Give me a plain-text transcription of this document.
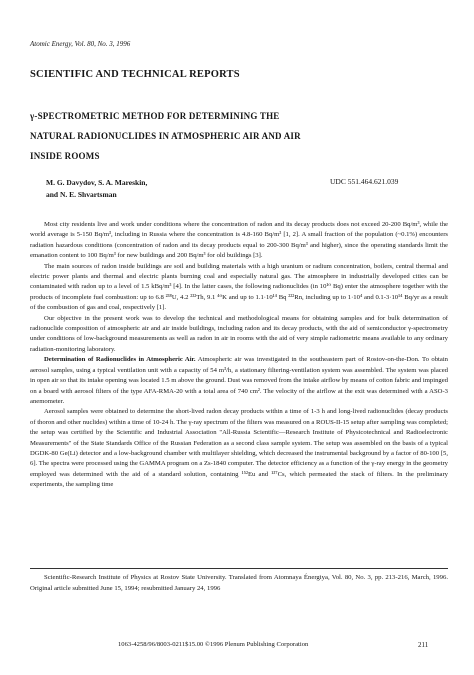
Atomic Energy, Vol. 80, No. 3, 1996
SCIENTIFIC AND TECHNICAL REPORTS
γ-SPECTROMETRIC METHOD FOR DETERMINING THE
NATURAL RADIONUCLIDES IN ATMOSPHERIC AIR AND AIR
INSIDE ROOMS
M. G. Davydov, S. A. Mareskin,
and N. E. Shvartsman
UDC 551.464.621.039

Most city residents live and work under conditions where the concentration of radon and its decay products does not exceed 20-200 Bq/m³, while the world average is 5-150 Bq/m³, including in Russia where the concentration is 4.8-160 Bq/m³ [1, 2]. A small fraction of the population (~0.1%) encounters radiation hazardous conditions (concentration of radon and its decay products equal to 200-300 Bq/m³ and higher), since the operating standards limit the emanation content to 100 Bq/m³ for new buildings and 200 Bq/m³ for old buildings [3].

The main sources of radon inside buildings are soil and building materials with a high uranium or radium concentration, boilers, central thermal and electric power plants and thermal and electric plants burning coal and especially natural gas. The atmosphere in industrially developed cities can be contaminated with radon up to a level of 1.5 kBq/m³ [4]. In the latter cases, the following radionuclides (in 10¹⁰ Bq) enter the atmosphere together with the products of incomplete fuel combustion: up to 6.8 ²³⁸U, 4.2 ²³²Th, 9.1 ⁴⁰K and up to 1.1·10¹⁴ Bq ²²²Rn, including up to 1·10⁴ and 0.1-3·10¹⁴ Bq/yr as a result of the combustion of gas and coal, respectively [1].

Our objective in the present work was to develop the technical and methodological means for obtaining samples and for bulk determination of radionuclide composition of atmospheric air and air inside buildings, including radon and its decay products, with the aid of semiconductor γ-spectrometry under conditions of low-background measurements as well as radon in air in rooms with the aid of very simple radiometric means available to any ordinary radiation-monitoring laboratory.

Determination of Radionuclides in Atmospheric Air. Atmospheric air was investigated in the southeastern part of Rostov-on-the-Don. To obtain aerosol samples, using a typical ventilation unit with a capacity of 54 m³/h, a stationary filtering-ventilation system was assembled. The system was placed in open air so that its intake opening was located 1.5 m above the ground. Dust was removed from the intake airflow by means of cotton fabric and impinged on a board with aerosol filters of the type AFA-RMA-20 with a total area of 740 cm². The velocity of the airflow at the exit was determined with a ASO-3 anemometer.

Aerosol samples were obtained to determine the short-lived radon decay products within a time of 1-3 h and long-lived radionuclides (decay products of thoron and other nuclides) within a time of 10-24 h. The γ-ray spectrum of the filters was measured on a ROUS-II-15 setup after sampling was completed; the setup was certified by the Scientific and Industrial Association "All-Russia Scientific—Research Institute of Physicotechnical and Radioelectronic Measurements" of the State Standards Office of the Russian Federation as a second class sample system. The setup was assembled on the basis of a typical DGDK-80 Ge(Li) detector and a low-background chamber with multilayer shielding, which decreased the instrumental background by a factor of 80-100 [5, 6]. The spectra were processed using the GAMMA program on a Zs-1840 computer. The detector efficiency as a function of the γ-ray energy in the geometry employed was determined with the aid of a standard solution, containing ¹⁵²Eu and ¹³⁷Cs, which permeated the stack of filters. In the preliminary experiments, the sampling time

Scientific-Research Institute of Physics at Rostov State University. Translated from Atomnaya Énergiya, Vol. 80, No. 3, pp. 213-216, March, 1996. Original article submitted June 15, 1994; resubmitted January 24, 1996
1063-4258/96/8003-0211$15.00 ©1996 Plenum Publishing Corporation	211
